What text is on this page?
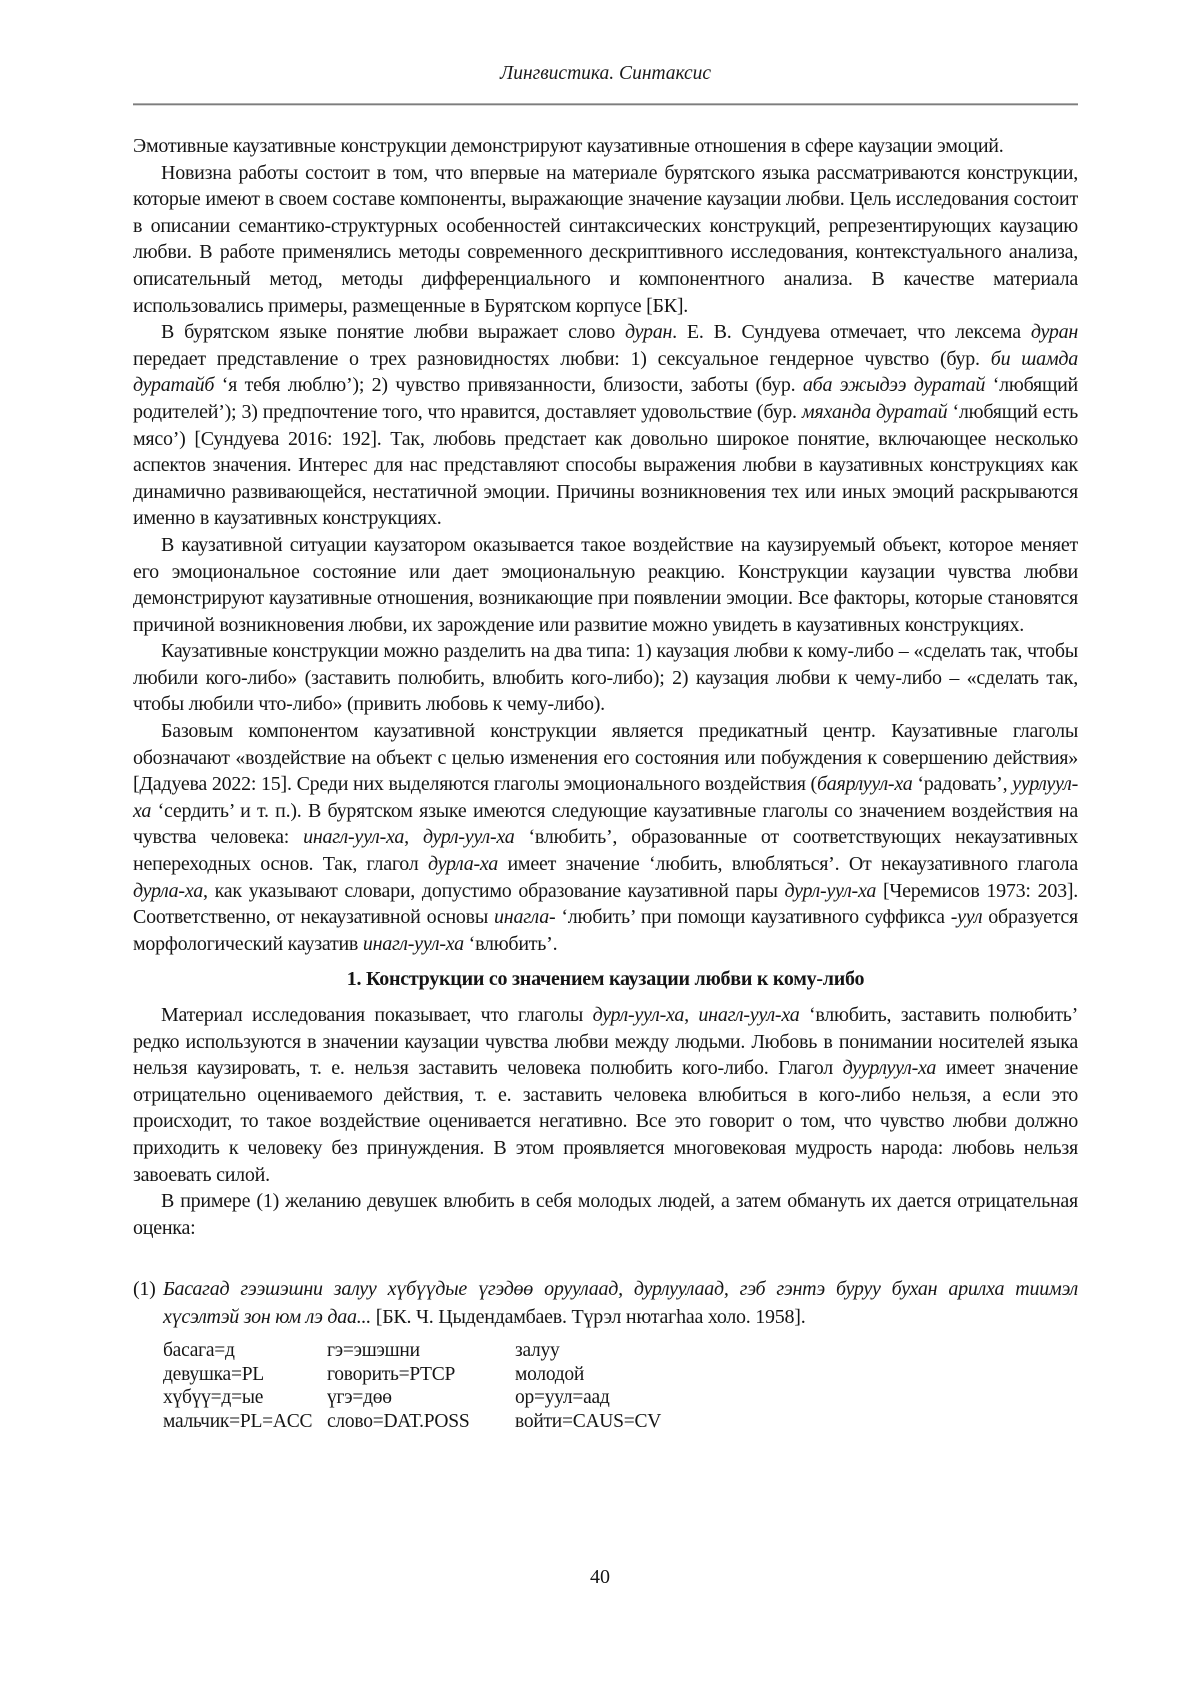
Лингвистика. Синтаксис

Эмотивные каузативные конструкции демонстрируют каузативные отношения в сфере каузации эмоций.

Новизна работы состоит в том, что впервые на материале бурятского языка рассматриваются конструкции, которые имеют в своем составе компоненты, выражающие значение каузации любви. Цель исследования состоит в описании семантико-структурных особенностей синтаксических конструкций, репрезентирующих каузацию любви. В работе применялись методы современного дескриптивного исследования, контекстуального анализа, описательный метод, методы дифференциального и компонентного анализа. В качестве материала использовались примеры, размещенные в Бурятском корпусе [БК].

В бурятском языке понятие любви выражает слово дуран. Е. В. Сундуева отмечает, что лексема дуран передает представление о трех разновидностях любви: 1) сексуальное гендерное чувство (бур. би шамда дуратайб ‘я тебя люблю’); 2) чувство привязанности, близости, заботы (бур. аба эжыдээ дуратай ‘любящий родителей’); 3) предпочтение того, что нравится, доставляет удовольствие (бур. мяханда дуратай ‘любящий есть мясо’) [Сундуева 2016: 192]. Так, любовь предстает как довольно широкое понятие, включающее несколько аспектов значения. Интерес для нас представляют способы выражения любви в каузативных конструкциях как динамично развивающейся, нестатичной эмоции. Причины возникновения тех или иных эмоций раскрываются именно в каузативных конструкциях.

В каузативной ситуации каузатором оказывается такое воздействие на каузируемый объект, которое меняет его эмоциональное состояние или дает эмоциональную реакцию. Конструкции каузации чувства любви демонстрируют каузативные отношения, возникающие при появлении эмоции. Все факторы, которые становятся причиной возникновения любви, их зарождение или развитие можно увидеть в каузативных конструкциях.

Каузативные конструкции можно разделить на два типа: 1) каузация любви к кому-либо – «сделать так, чтобы любили кого-либо» (заставить полюбить, влюбить кого-либо); 2) каузация любви к чему-либо – «сделать так, чтобы любили что-либо» (привить любовь к чему-либо).

Базовым компонентом каузативной конструкции является предикатный центр. Каузативные глаголы обозначают «воздействие на объект с целью изменения его состояния или побуждения к совершению действия» [Дадуева 2022: 15]. Среди них выделяются глаголы эмоционального воздействия (баярлуул-ха ‘радовать’, уурлуул-ха ‘сердить’ и т. п.). В бурятском языке имеются следующие каузативные глаголы со значением воздействия на чувства человека: инагл-уул-ха, дурл-уул-ха ‘влюбить’, образованные от соответствующих некаузативных непереходных основ. Так, глагол дурла-ха имеет значение ‘любить, влюбляться’. От некаузативного глагола дурла-ха, как указывают словари, допустимо образование каузативной пары дурл-уул-ха [Черемисов 1973: 203]. Соответственно, от некаузативной основы инагла- ‘любить’ при помощи каузативного суффикса -уул образуется морфологический каузатив инагл-уул-ха ‘влюбить’.

1. Конструкции со значением каузации любви к кому-либо

Материал исследования показывает, что глаголы дурл-уул-ха, инагл-уул-ха ‘влюбить, заставить полюбить’ редко используются в значении каузации чувства любви между людьми. Любовь в понимании носителей языка нельзя каузировать, т. е. нельзя заставить человека полюбить кого-либо. Глагол дуурлуул-ха имеет значение отрицательно оцениваемого действия, т. е. заставить человека влюбиться в кого-либо нельзя, а если это происходит, то такое воздействие оценивается негативно. Все это говорит о том, что чувство любви должно приходить к человеку без принуждения. В этом проявляется многовековая мудрость народа: любовь нельзя завоевать силой.

В примере (1) желанию девушек влюбить в себя молодых людей, а затем обмануть их дается отрицательная оценка:

(1) Басагад гээшэшни залуу хүбүүдые үгэдөө оруулаад, дурлуулаад, гэб гэнтэ буруу бухан арилха тиимэл хүсэлтэй зон юм лэ даа... [БК. Ч. Цыдендамбаев. Түрэл нютагһаа холо. 1958].
басага=д	гэ=эшэшни	залуу
девушка=PL	говорить=PTCP	молодой
хүбүү=д=ые	үгэ=дөө	ор=уул=аад
мальчик=PL=ACC слово=DAT.POSS	войти=CAUS=CV
40
